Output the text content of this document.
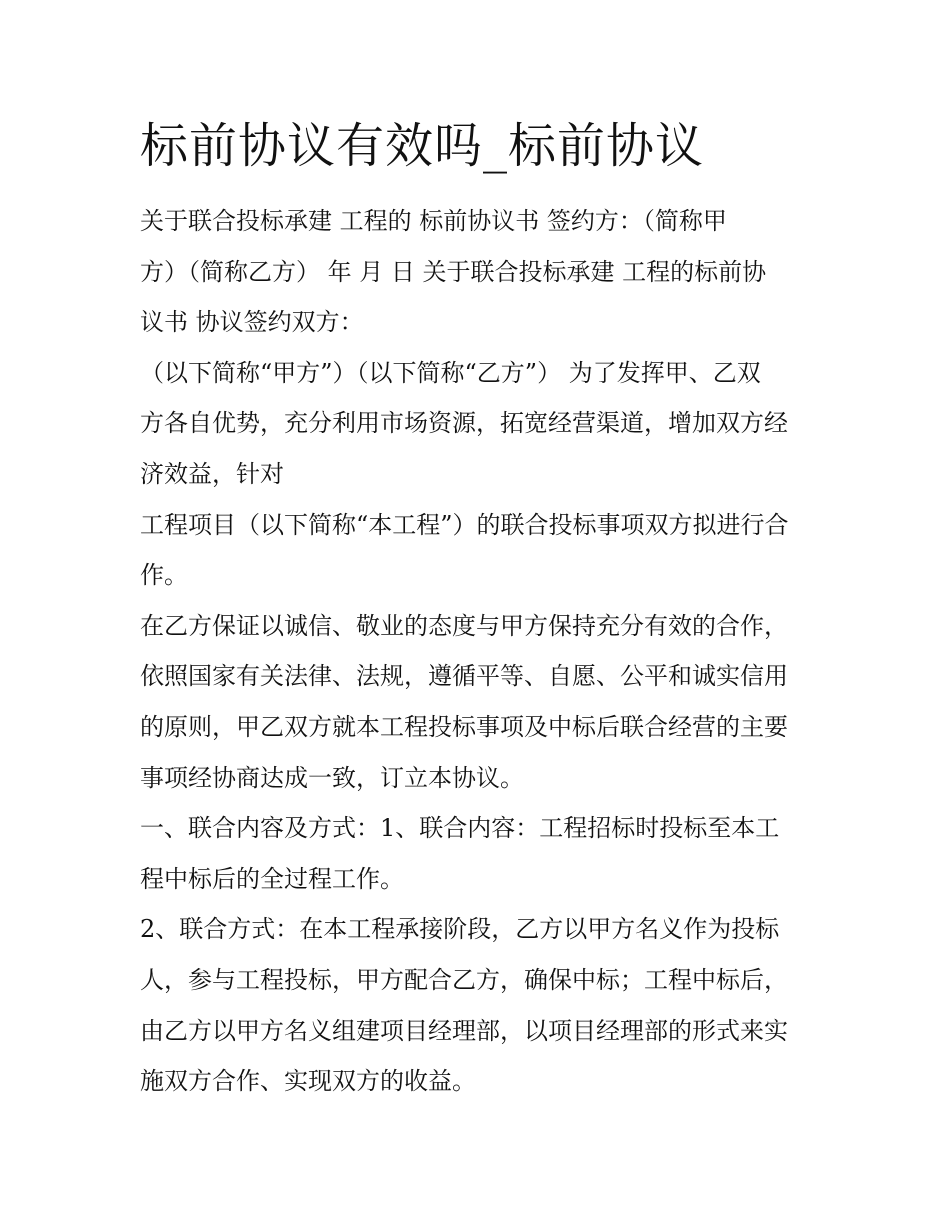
标前协议有效吗_标前协议
关于联合投标承建 工程的 标前协议书 签约方：（简称甲
方）（简称乙方） 年 月 日 关于联合投标承建 工程的标前协
议书 协议签约双方：
（以下简称“甲方”）（以下简称“乙方”） 为了发挥甲、乙双
方各自优势，充分利用市场资源，拓宽经营渠道，增加双方经
济效益，针对
工程项目（以下简称“本工程”）的联合投标事项双方拟进行合
作。
在乙方保证以诚信、敬业的态度与甲方保持充分有效的合作，
依照国家有关法律、法规，遵循平等、自愿、公平和诚实信用
的原则，甲乙双方就本工程投标事项及中标后联合经营的主要
事项经协商达成一致，订立本协议。
一、联合内容及方式：1、联合内容：工程招标时投标至本工
程中标后的全过程工作。
2、联合方式：在本工程承接阶段，乙方以甲方名义作为投标
人，参与工程投标，甲方配合乙方，确保中标；工程中标后，
由乙方以甲方名义组建项目经理部，以项目经理部的形式来实
施双方合作、实现双方的收益。
